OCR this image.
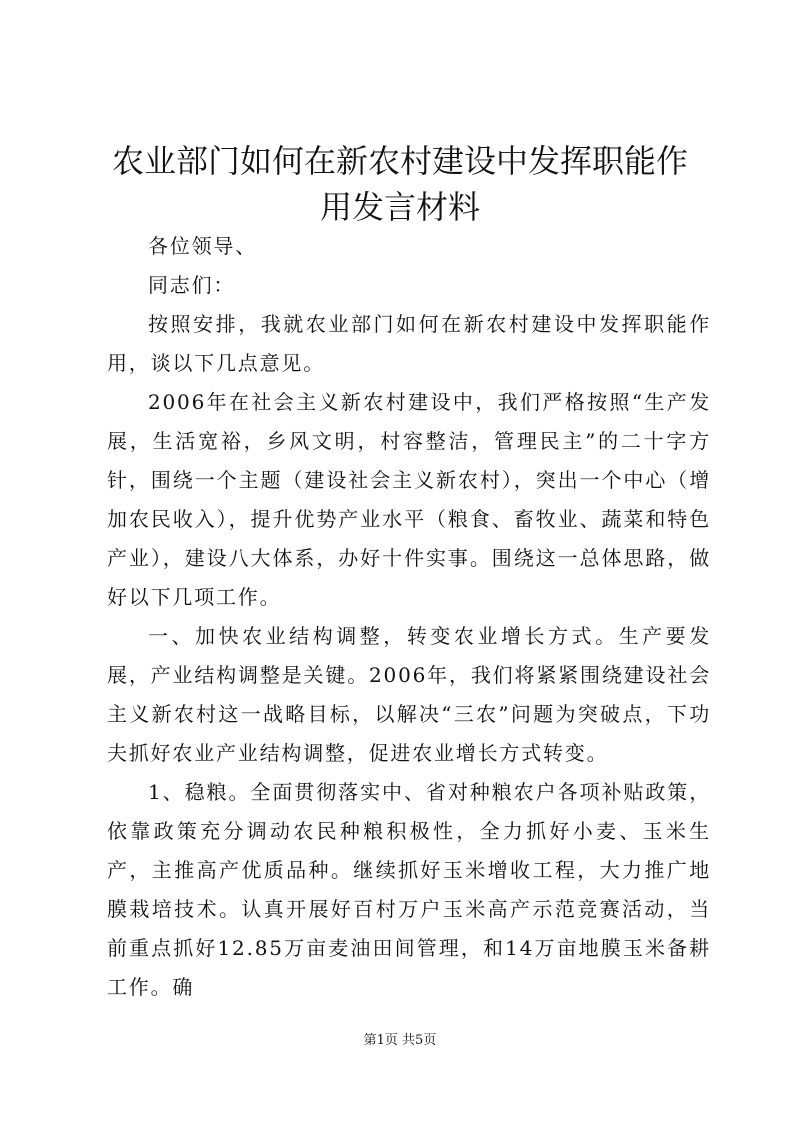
农业部门如何在新农村建设中发挥职能作用发言材料

各位领导、

同志们：

按照安排，我就农业部门如何在新农村建设中发挥职能作用，谈以下几点意见。

2006年在社会主义新农村建设中，我们严格按照“生产发展，生活宽裕，乡风文明，村容整洁，管理民主”的二十字方针，围绕一个主题（建设社会主义新农村），突出一个中心（增加农民收入），提升优势产业水平（粮食、畜牧业、蔬菜和特色产业），建设八大体系，办好十件实事。围绕这一总体思路，做好以下几项工作。

一、加快农业结构调整，转变农业增长方式。生产要发展，产业结构调整是关键。2006年，我们将紧紧围绕建设社会主义新农村这一战略目标，以解决“三农”问题为突破点，下功夫抓好农业产业结构调整，促进农业增长方式转变。

1、稳粮。全面贯彻落实中、省对种粮农户各项补贴政策，依靠政策充分调动农民种粮积极性，全力抓好小麦、玉米生产，主推高产优质品种。继续抓好玉米增收工程，大力推广地膜栽培技术。认真开展好百村万户玉米高产示范竞赛活动，当前重点抓好12.85万亩麦油田间管理，和14万亩地膜玉米备耕工作。确

第1页 共5页
